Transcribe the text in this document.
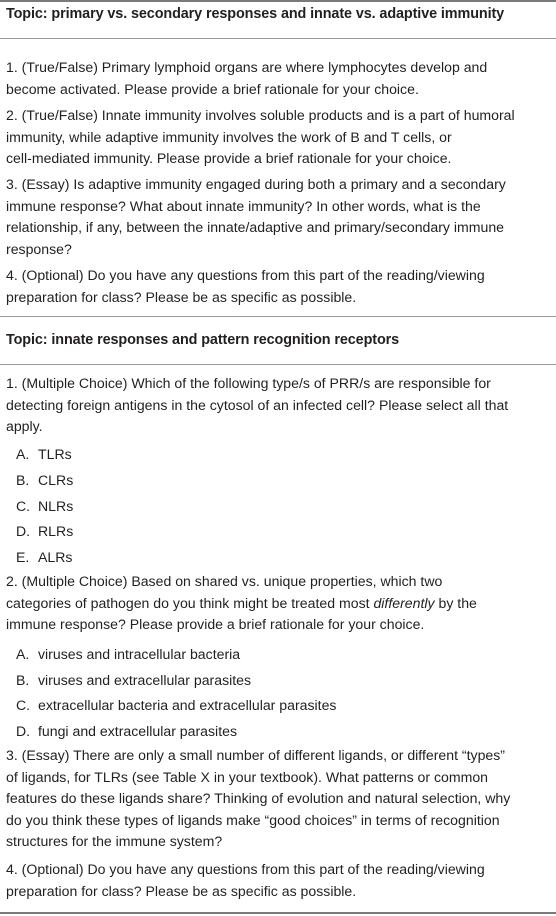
Topic: primary vs. secondary responses and innate vs. adaptive immunity
1. (True/False) Primary lymphoid organs are where lymphocytes develop and
become activated. Please provide a brief rationale for your choice.
2. (True/False) Innate immunity involves soluble products and is a part of humoral
immunity, while adaptive immunity involves the work of B and T cells, or
cell-mediated immunity. Please provide a brief rationale for your choice.
3. (Essay) Is adaptive immunity engaged during both a primary and a secondary
immune response? What about innate immunity? In other words, what is the
relationship, if any, between the innate/adaptive and primary/secondary immune
response?
4. (Optional) Do you have any questions from this part of the reading/viewing
preparation for class? Please be as specific as possible.
Topic: innate responses and pattern recognition receptors
1. (Multiple Choice) Which of the following type/s of PRR/s are responsible for
detecting foreign antigens in the cytosol of an infected cell? Please select all that
apply.
A. TLRs
B. CLRs
C. NLRs
D. RLRs
E. ALRs
2. (Multiple Choice) Based on shared vs. unique properties, which two
categories of pathogen do you think might be treated most differently by the
immune response? Please provide a brief rationale for your choice.
A. viruses and intracellular bacteria
B. viruses and extracellular parasites
C. extracellular bacteria and extracellular parasites
D. fungi and extracellular parasites
3. (Essay) There are only a small number of different ligands, or different “types”
of ligands, for TLRs (see Table X in your textbook). What patterns or common
features do these ligands share? Thinking of evolution and natural selection, why
do you think these types of ligands make “good choices” in terms of recognition
structures for the immune system?
4. (Optional) Do you have any questions from this part of the reading/viewing
preparation for class? Please be as specific as possible.
